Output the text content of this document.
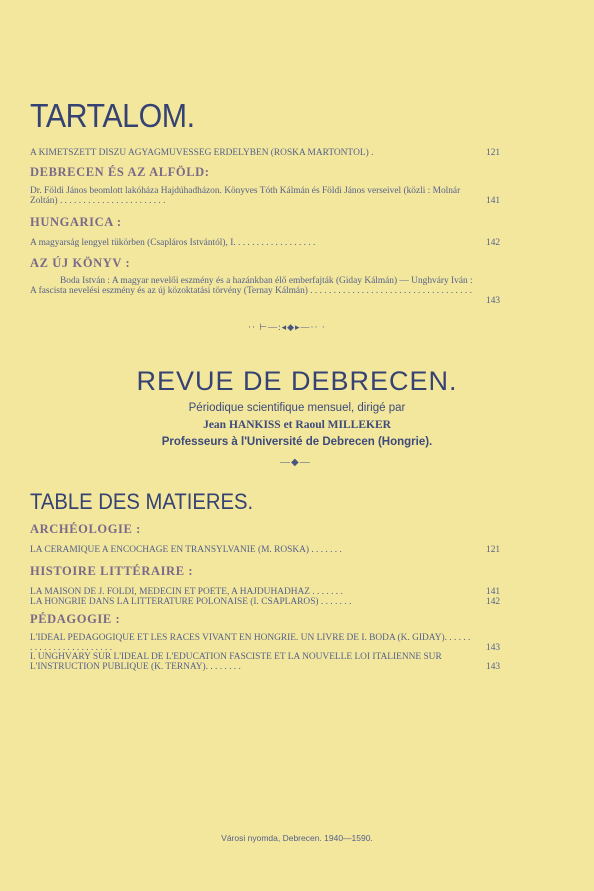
TARTALOM.
A KIMETSZETT DÍSZŰ AGYAGMŰVESSÉG ERDÉLYBEN (ROSKA MÁRTONTÓL) .	121
DEBRECEN ÉS AZ ALFÖLD:
Dr. Földi János beomlott lakóháza Hajdúhadházon. Könyves Tóth Kálmán és Földi János verseivel (közli : Molnár Zoltán) . . . . . . . . . . . . . . . . . . . . . . .	141
HUNGARICA :
A magyarság lengyel tükörben (Csapláros Istvántól), I. . . . . . . . . . . . . . . . . .	142
AZ ÚJ KÖNYV :
Boda István : A magyar nevelői eszmény és a hazánkban élő emberfajták (Giday Kálmán) — Unghváry Iván : A fascista nevelési eszmény és az új közoktatási törvény (Ternay Kálmán) . . . . . . . . . . . . . . . . . . . . . . . . . . . . . . . . . . .
143
·· ⊢—:◂◆▸—·· ·
REVUE DE DEBRECEN.
Périodique scientifique mensuel, dirigé par
Jean HANKISS et Raoul MILLEKER
Professeurs à l'Université de Debrecen (Hongrie).
—◆—
TABLE DES MATIERES.
ARCHÉOLOGIE :
LA CÉRAMIQUE A ENCOCHAGE EN TRANSYLVANIE (M. ROSKA) . . . . . . .	121
HISTOIRE LITTÉRAIRE :
LA MAISON DE J. FÖLDI, MÉDECIN ET POETE, A HAJDÚHADHÁZ . . . . . . .	141
LA HONGRIE DANS LA LITTÉRATURE POLONAISE (I. CSAPLÁROS) . . . . . . .	142
PÉDAGOGIE :
L'IDÉAL PÉDAGOGIQUE ET LES RACES VIVANT EN HONGRIE. UN LIVRE DE I. BODA (K. GIDAY). . . . . . . . . . . . . . . . . . . . . . . .	143
I. UNGHVÁRY SUR L'IDÉAL DE L'ÉDUCATION FASCISTE ET LA NOUVELLE LOI ITALIENNE SUR L'INSTRUCTION PUBLIQUE (K. TERNAY). . . . . . . .	143
Városi nyomda, Debrecen. 1940—1590.
